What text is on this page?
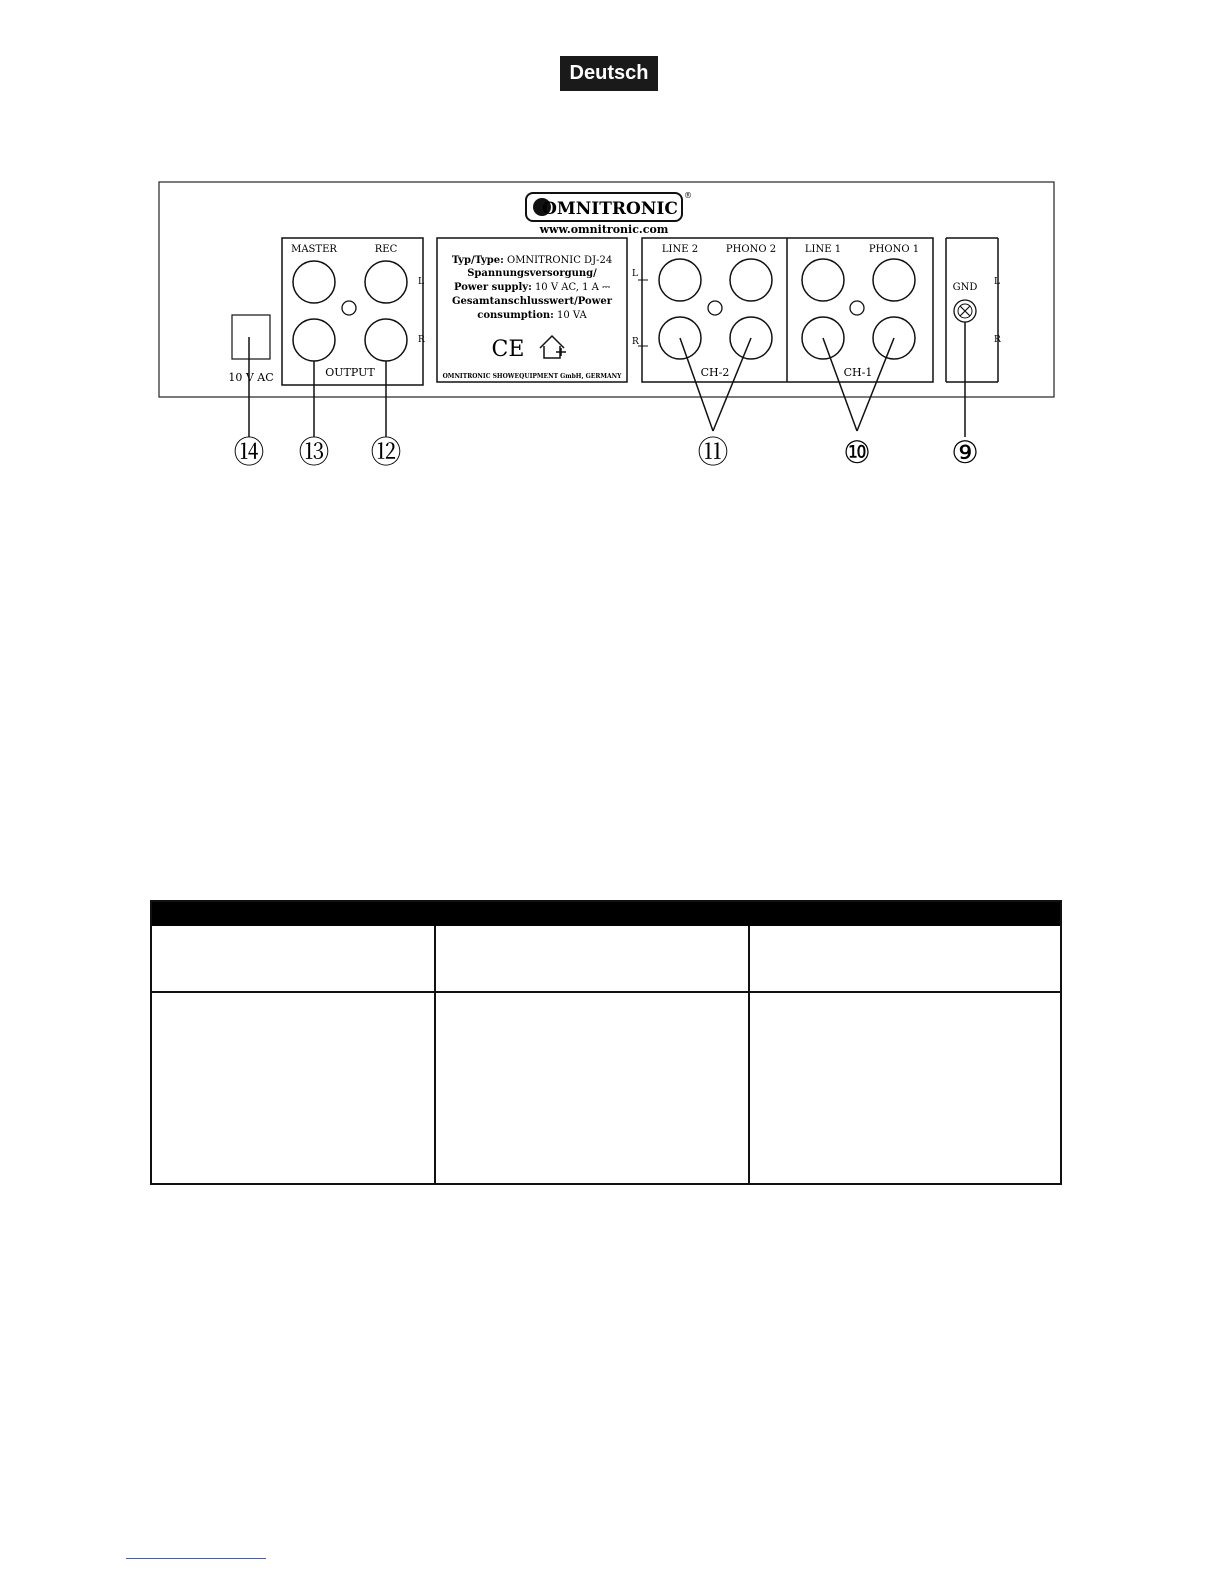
Deutsch
OMNITRONIC
®
www.omnitronic.com
10 V AC
MASTER	REC
L
R
OUTPUT
Typ/Type: OMNITRONIC DJ-24
Spannungsversorgung/
Power supply: 10 V AC, 1 A ⎓
Gesamtanschlusswert/Power
consumption: 10 VA
CE
OMNITRONIC SHOWEQUIPMENT GmbH, GERMANY
L
R
LINE 2	PHONO 2
CH-2
LINE 1	PHONO 1
CH-1
GND L
R
⑭ ⑬ ⑫	⑪	⑩	⑨
